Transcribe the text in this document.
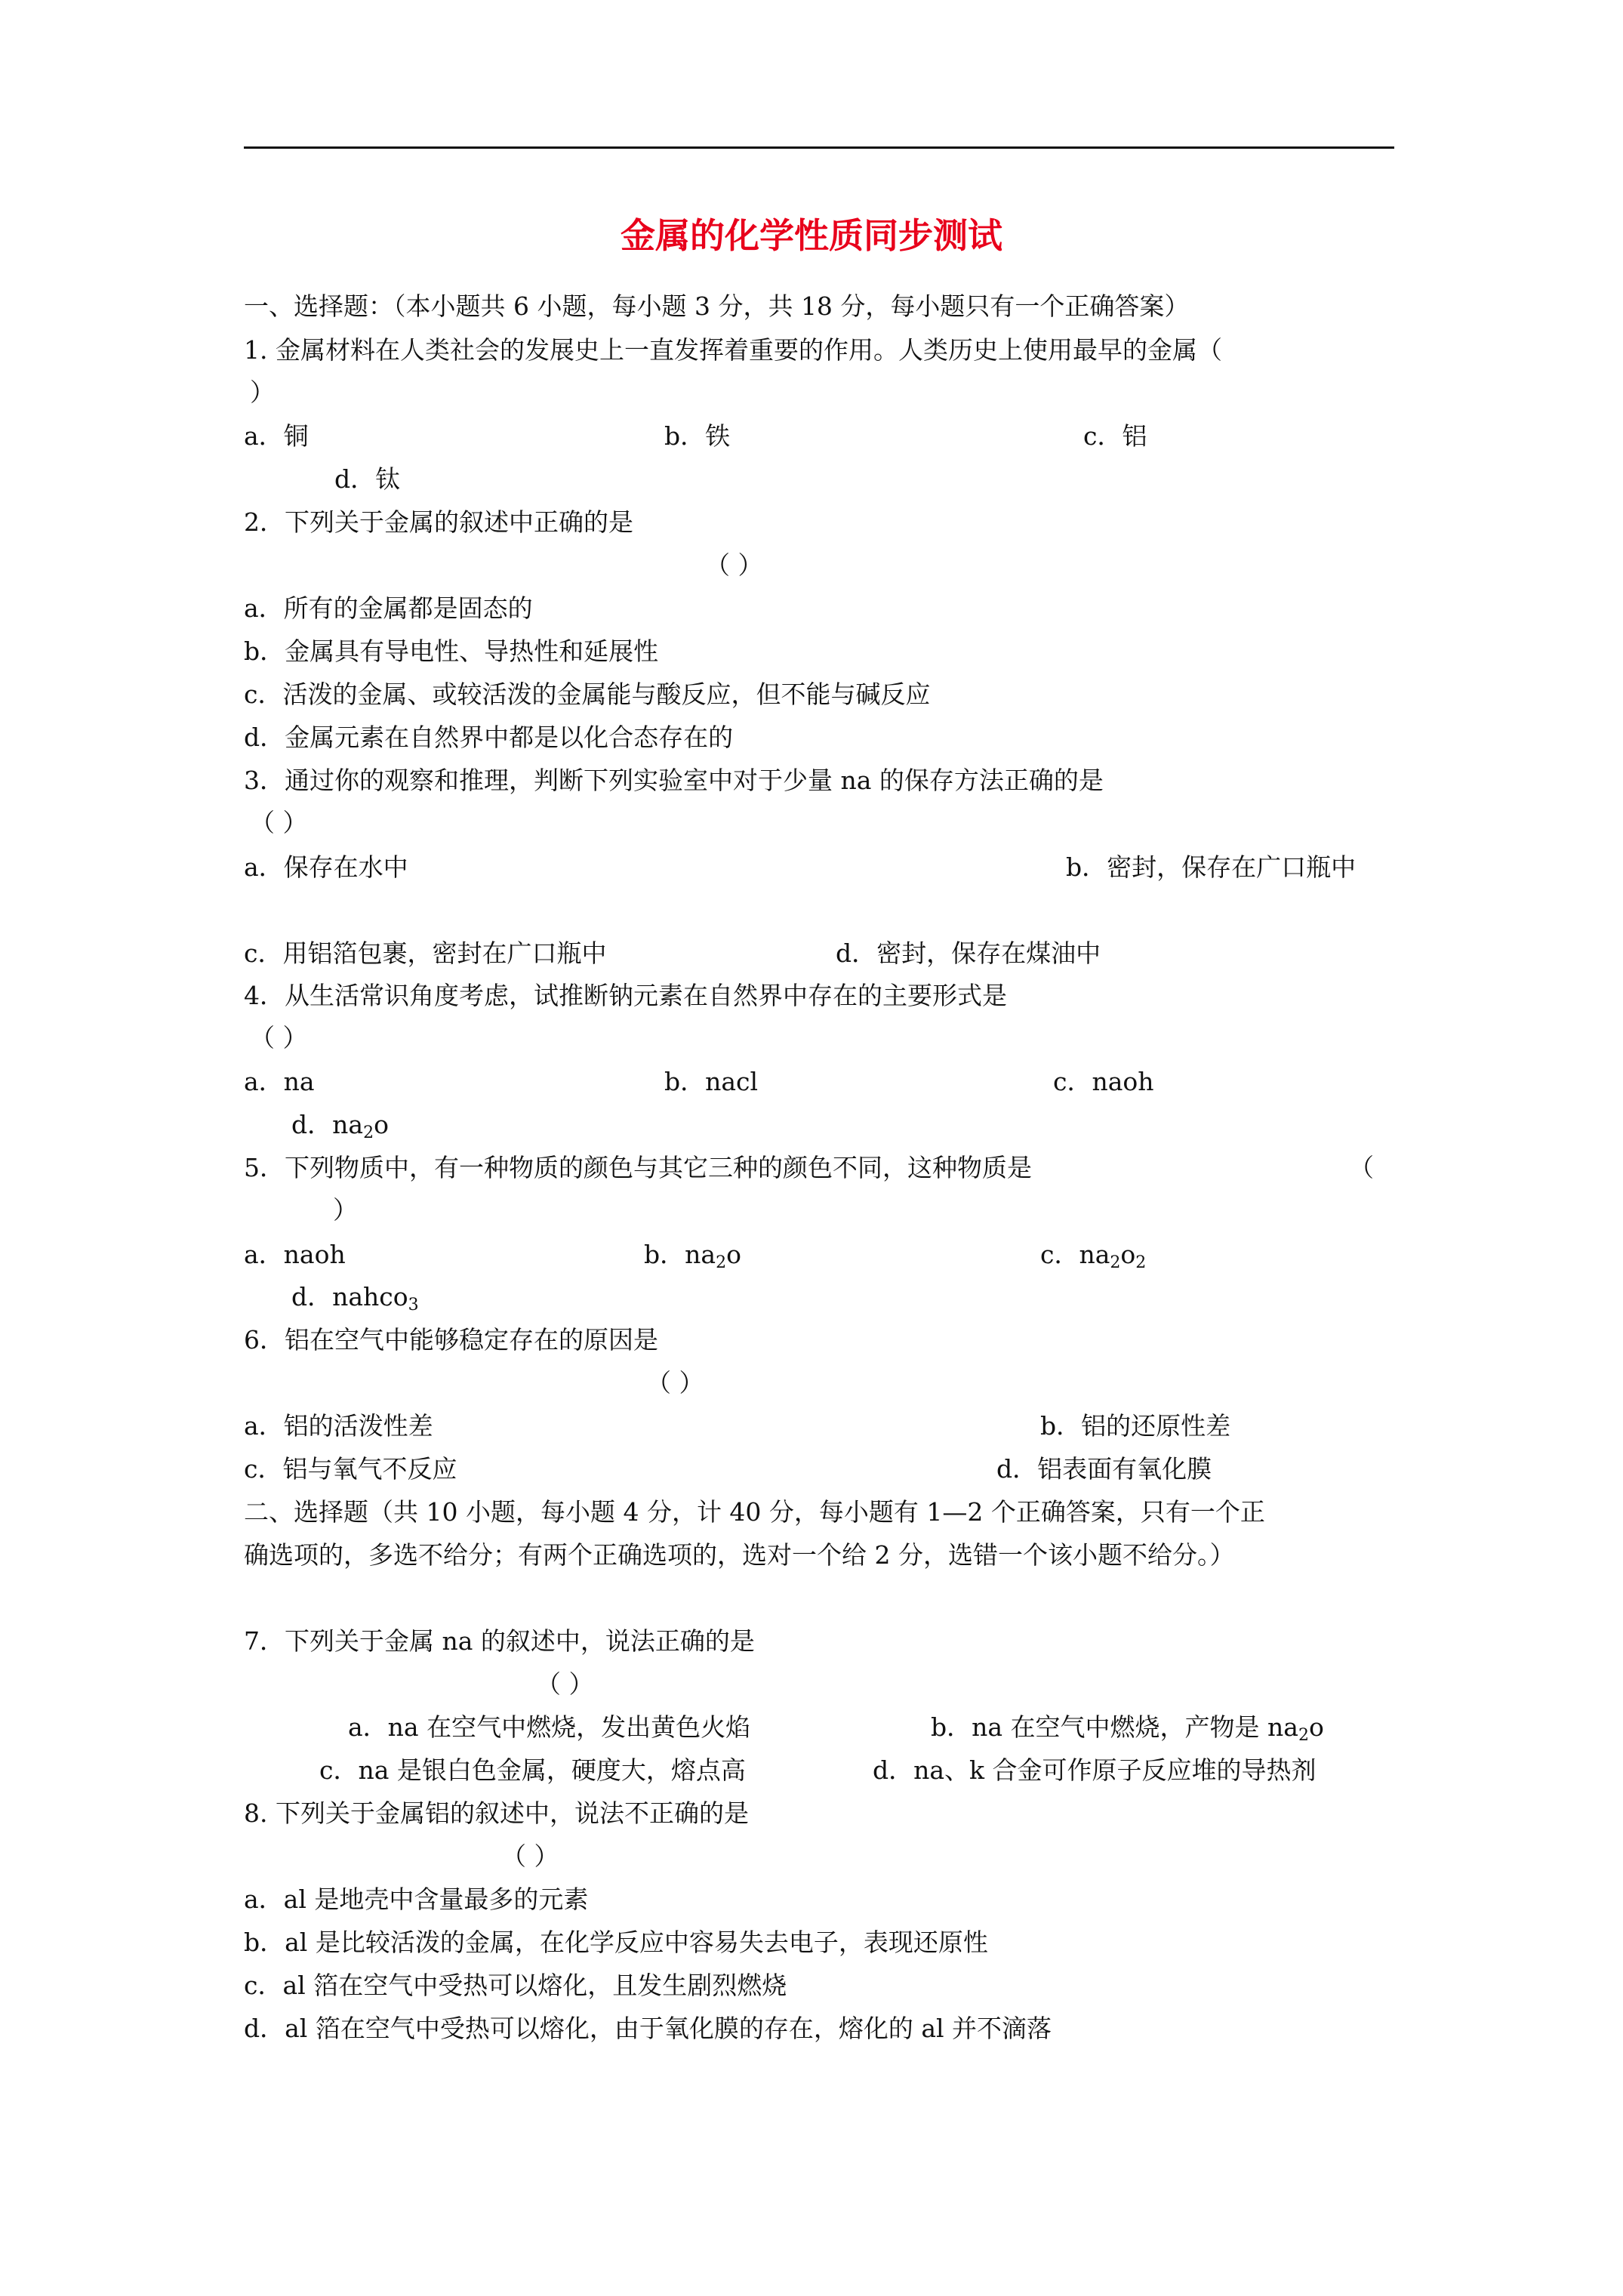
金属的化学性质同步测试
一、选择题：（本小题共 6 小题，每小题 3 分，共 18 分，每小题只有一个正确答案）
1. 金属材料在人类社会的发展史上一直发挥着重要的作用。人类历史上使用最早的金属（
）
a．铜	b．铁	c．铝
d．钛
2．下列关于金属的叙述中正确的是
（ ）
a．所有的金属都是固态的
b．金属具有导电性、导热性和延展性
c．活泼的金属、或较活泼的金属能与酸反应，但不能与碱反应
d．金属元素在自然界中都是以化合态存在的
3．通过你的观察和推理，判断下列实验室中对于少量 na 的保存方法正确的是
（ ）
a．保存在水中	b．密封，保存在广口瓶中
c．用铝箔包裹，密封在广口瓶中	d．密封，保存在煤油中
4．从生活常识角度考虑，试推断钠元素在自然界中存在的主要形式是
（ ）
a．na	b．nacl	c．naoh
d．$na_2o$
5．下列物质中，有一种物质的颜色与其它三种的颜色不同，这种物质是	（
）
a．naoh	b．$na_2o$	c．$na_2o_2$
d．nahco$_3$
6．铝在空气中能够稳定存在的原因是
（ ）
a．铝的活泼性差	b．铝的还原性差
c．铝与氧气不反应	d．铝表面有氧化膜
二、选择题（共 10 小题，每小题 4 分，计 40 分，每小题有 1—2 个正确答案，只有一个正
确选项的，多选不给分；有两个正确选项的，选对一个给 2 分，选错一个该小题不给分。）
7．下列关于金属 na 的叙述中，说法正确的是
（ ）
a．na 在空气中燃烧，发出黄色火焰	b．na 在空气中燃烧，产物是 $na_2o$
c．na 是银白色金属，硬度大，熔点高	d．na、k 合金可作原子反应堆的导热剂
8. 下列关于金属铝的叙述中，说法不正确的是
（ ）
a．al 是地壳中含量最多的元素
b．al 是比较活泼的金属，在化学反应中容易失去电子，表现还原性
c．al 箔在空气中受热可以熔化，且发生剧烈燃烧
d．al 箔在空气中受热可以熔化，由于氧化膜的存在，熔化的 al 并不滴落
